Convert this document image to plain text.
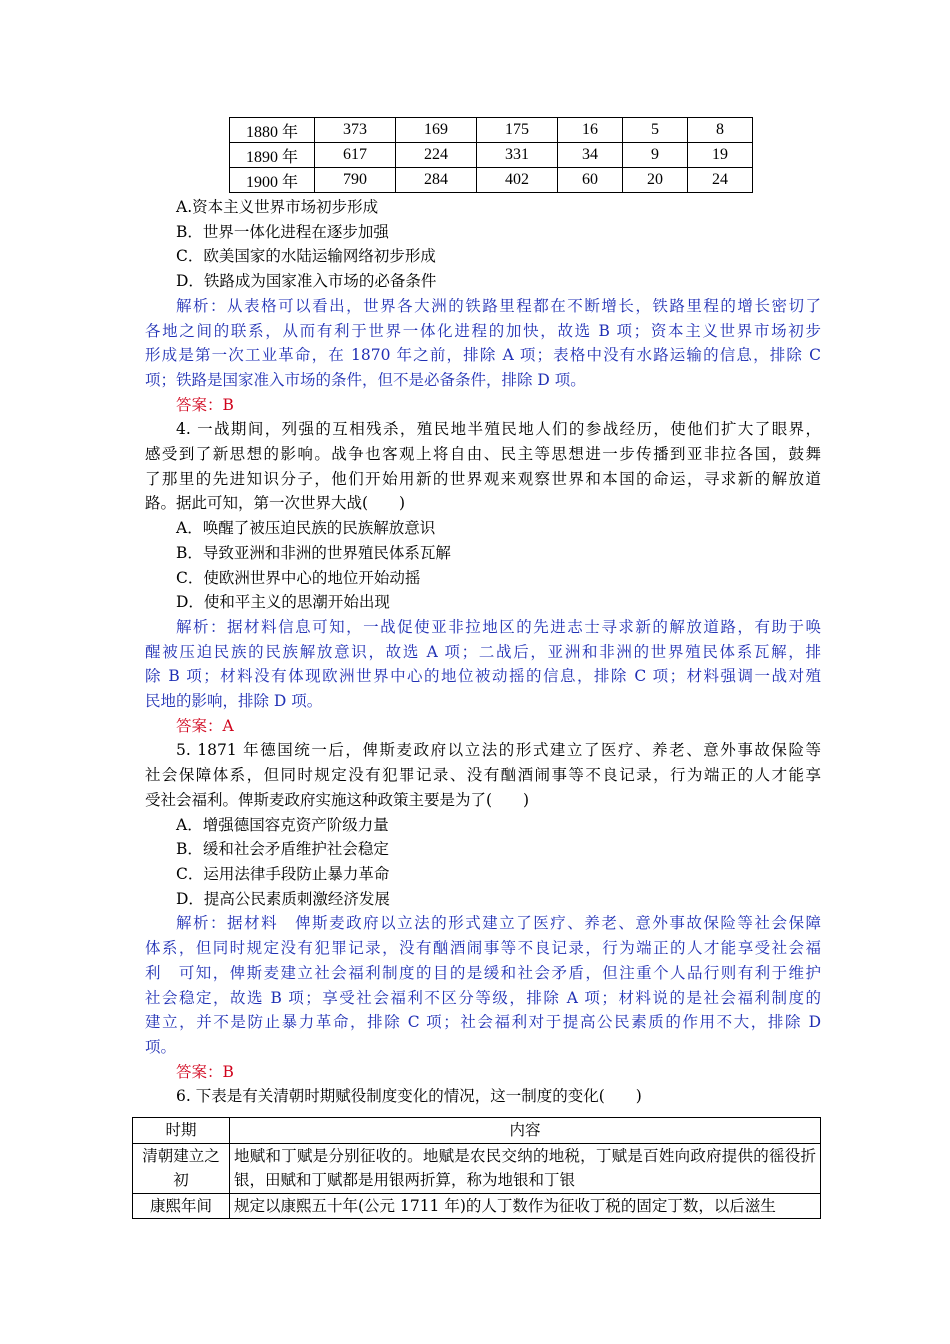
1880 年	373	169	175	16	5	8
1890 年	617	224	331	34	9	19
1900 年	790	284	402	60	20	24
A.资本主义世界市场初步形成
B．世界一体化进程在逐步加强
C．欧美国家的水陆运输网络初步形成
D．铁路成为国家准入市场的必备条件
解析：从表格可以看出，世界各大洲的铁路里程都在不断增长，铁路里程的增长密切了
各地之间的联系，从而有利于世界一体化进程的加快，故选 B 项；资本主义世界市场初步
形成是第一次工业革命，在 1870 年之前，排除 A 项；表格中没有水路运输的信息，排除 C
项；铁路是国家准入市场的条件，但不是必备条件，排除 D 项。
答案：B
4. 一战期间，列强的互相残杀，殖民地半殖民地人们的参战经历，使他们扩大了眼界，
感受到了新思想的影响。战争也客观上将自由、民主等思想进一步传播到亚非拉各国，鼓舞
了那里的先进知识分子，他们开始用新的世界观来观察世界和本国的命运，寻求新的解放道
路。据此可知，第一次世界大战(　　)
A．唤醒了被压迫民族的民族解放意识
B．导致亚洲和非洲的世界殖民体系瓦解
C．使欧洲世界中心的地位开始动摇
D．使和平主义的思潮开始出现
解析：据材料信息可知，一战促使亚非拉地区的先进志士寻求新的解放道路，有助于唤
醒被压迫民族的民族解放意识，故选 A 项；二战后，亚洲和非洲的世界殖民体系瓦解，排
除 B 项；材料没有体现欧洲世界中心的地位被动摇的信息，排除 C 项；材料强调一战对殖
民地的影响，排除 D 项。
答案：A
5. 1871 年德国统一后，俾斯麦政府以立法的形式建立了医疗、养老、意外事故保险等
社会保障体系，但同时规定没有犯罪记录、没有酗酒闹事等不良记录，行为端正的人才能享
受社会福利。俾斯麦政府实施这种政策主要是为了(　　)
A．增强德国容克资产阶级力量
B．缓和社会矛盾维护社会稳定
C．运用法律手段防止暴力革命
D．提高公民素质刺激经济发展
解析：据材料　俾斯麦政府以立法的形式建立了医疗、养老、意外事故保险等社会保障
体系，但同时规定没有犯罪记录，没有酗酒闹事等不良记录，行为端正的人才能享受社会福
利　可知，俾斯麦建立社会福利制度的目的是缓和社会矛盾，但注重个人品行则有利于维护
社会稳定，故选 B 项；享受社会福利不区分等级，排除 A 项；材料说的是社会福利制度的
建立，并不是防止暴力革命，排除 C 项；社会福利对于提高公民素质的作用不大，排除 D
项。
答案：B
6. 下表是有关清朝时期赋役制度变化的情况，这一制度的变化(　　)
时期	内容
清朝建立之初	地赋和丁赋是分别征收的。地赋是农民交纳的地税，丁赋是百姓向政府提供的徭役折银，田赋和丁赋都是用银两折算，称为地银和丁银
康熙年间	规定以康熙五十年(公元 1711 年)的人丁数作为征收丁税的固定丁数，以后滋生
